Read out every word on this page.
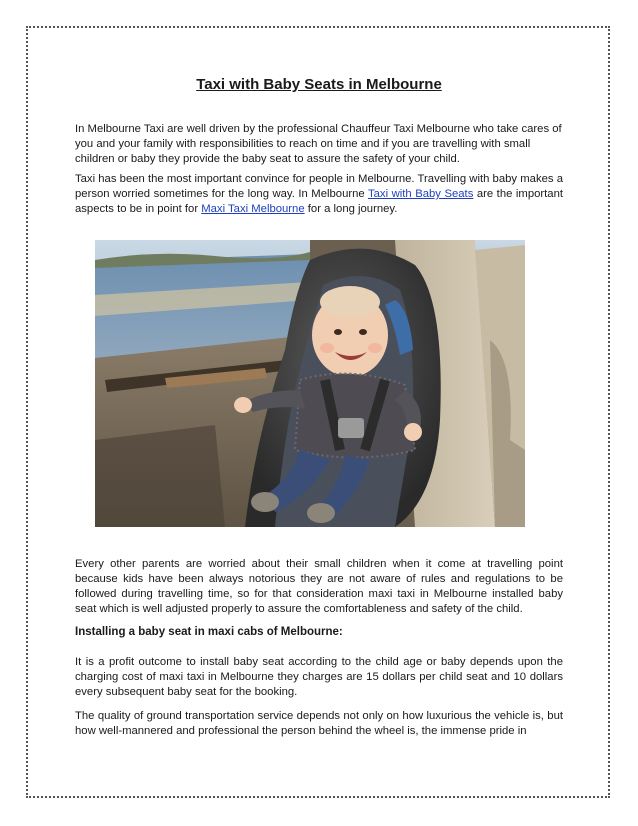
Taxi with Baby Seats in Melbourne

In Melbourne Taxi are well driven by the professional Chauffeur Taxi Melbourne who take cares of you and your family with responsibilities to reach on time and if you are travelling with small children or baby they provide the baby seat to assure the safety of your child.

Taxi has been the most important convince for people in Melbourne. Travelling with baby makes a person worried sometimes for the long way. In Melbourne Taxi with Baby Seats are the important aspects to be in point for Maxi Taxi Melbourne for a long journey.

Every other parents are worried about their small children when it come at travelling point because kids have been always notorious they are not aware of rules and regulations to be followed during travelling time, so for that consideration maxi taxi in Melbourne installed baby seat which is well adjusted properly to assure the comfortableness and safety of the child.

Installing a baby seat in maxi cabs of Melbourne:

It is a profit outcome to install baby seat according to the child age or baby depends upon the charging cost of maxi taxi in Melbourne they charges are 15 dollars per child seat and 10 dollars every subsequent baby seat for the booking.

The quality of ground transportation service depends not only on how luxurious the vehicle is, but how well-mannered and professional the person behind the wheel is, the immense pride in
